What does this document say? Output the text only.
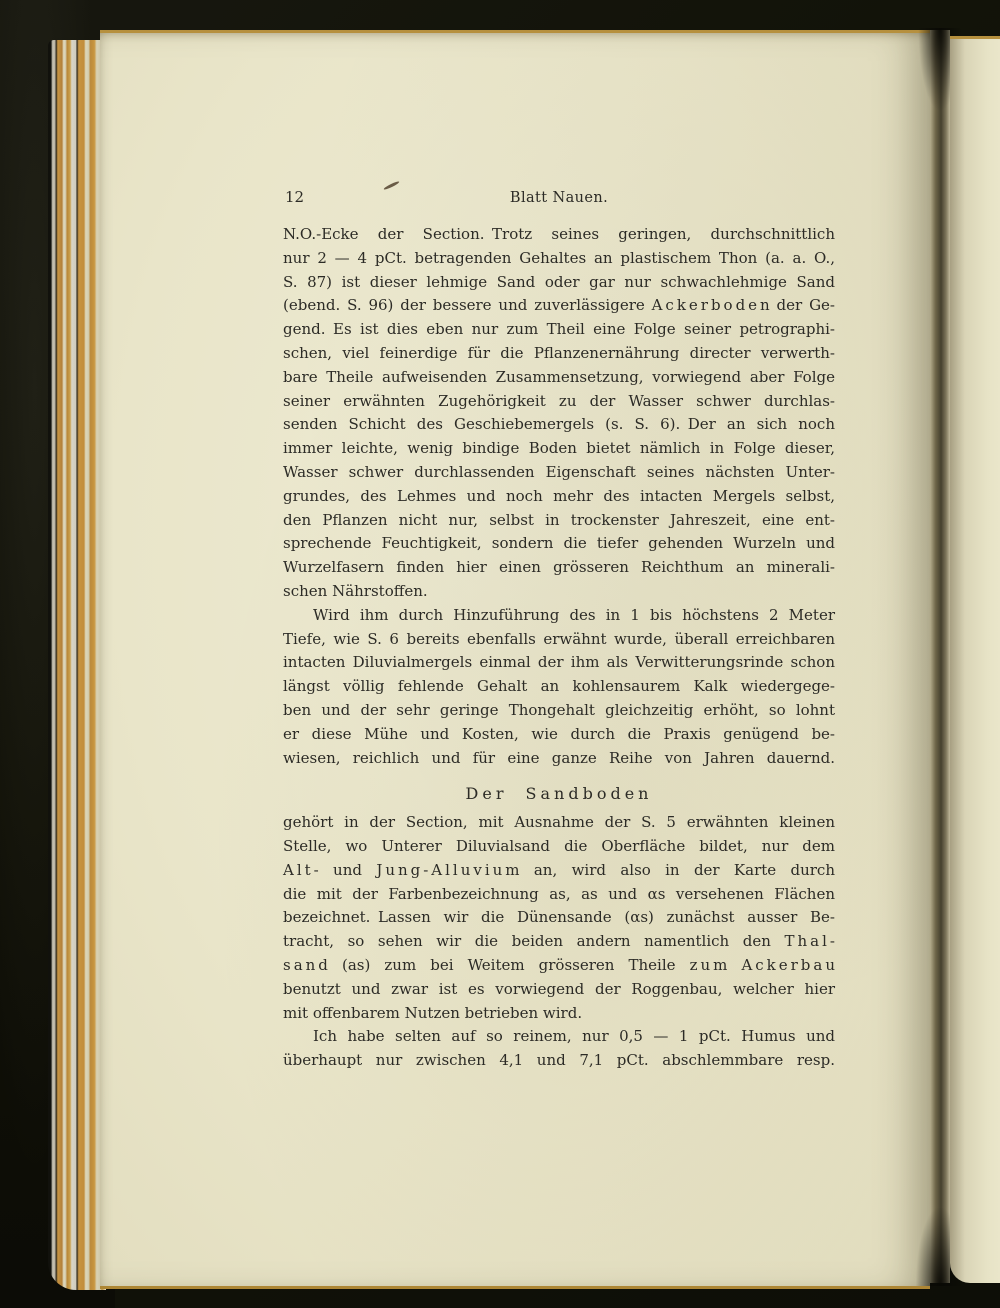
12	Blatt Nauen.
N.O.-Ecke der Section. Trotz seines geringen, durchschnittlich
nur 2 — 4 pCt. betragenden Gehaltes an plastischem Thon (a. a. O.,
S. 87) ist dieser lehmige Sand oder gar nur schwachlehmige Sand
(ebend. S. 96) der bessere und zuverlässigere A c k e r b o d e n der Ge-
gend. Es ist dies eben nur zum Theil eine Folge seiner petrographi-
schen, viel feinerdige für die Pflanzenernährung directer verwerth-
bare Theile aufweisenden Zusammensetzung, vorwiegend aber Folge
seiner erwähnten Zugehörigkeit zu der Wasser schwer durchlas-
senden Schicht des Geschiebemergels (s. S. 6). Der an sich noch
immer leichte, wenig bindige Boden bietet nämlich in Folge dieser,
Wasser schwer durchlassenden Eigenschaft seines nächsten Unter-
grundes, des Lehmes und noch mehr des intacten Mergels selbst,
den Pflanzen nicht nur, selbst in trockenster Jahreszeit, eine ent-
sprechende Feuchtigkeit, sondern die tiefer gehenden Wurzeln und
Wurzelfasern finden hier einen grösseren Reichthum an minerali-
schen Nährstoffen.
Wird ihm durch Hinzuführung des in 1 bis höchstens 2 Meter
Tiefe, wie S. 6 bereits ebenfalls erwähnt wurde, überall erreichbaren
intacten Diluvialmergels einmal der ihm als Verwitterungsrinde schon
längst völlig fehlende Gehalt an kohlensaurem Kalk wiedergege-
ben und der sehr geringe Thongehalt gleichzeitig erhöht, so lohnt
er diese Mühe und Kosten, wie durch die Praxis genügend be-
wiesen, reichlich und für eine ganze Reihe von Jahren dauernd.
Der Sandboden
gehört in der Section, mit Ausnahme der S. 5 erwähnten kleinen
Stelle, wo Unterer Diluvialsand die Oberfläche bildet, nur dem
A l t - und J u n g - A l l u v i u m an, wird also in der Karte durch
die mit der Farbenbezeichnung as, as und αs versehenen Flächen
bezeichnet. Lassen wir die Dünensande (αs) zunächst ausser Be-
tracht, so sehen wir die beiden andern namentlich den T h a l -
s a n d (as) zum bei Weitem grösseren Theile z u m A c k e r b a u
benutzt und zwar ist es vorwiegend der Roggenbau, welcher hier
mit offenbarem Nutzen betrieben wird.
Ich habe selten auf so reinem, nur 0,5 — 1 pCt. Humus und
überhaupt nur zwischen 4,1 und 7,1 pCt. abschlemmbare resp.
